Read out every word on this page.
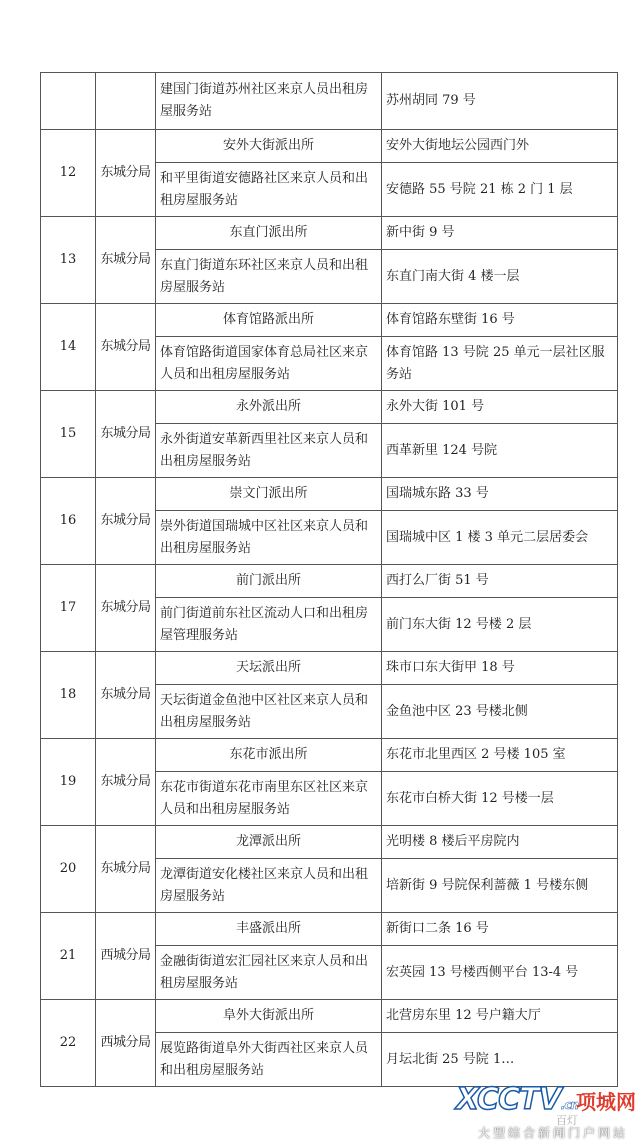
		建国门街道苏州社区来京人员出租房屋服务站	苏州胡同 79 号
12	东城分局	安外大街派出所	安外大街地坛公园西门外
		和平里街道安德路社区来京人员和出租房屋服务站	安德路 55 号院 21 栋 2 门 1 层
13	东城分局	东直门派出所	新中街 9 号
		东直门街道东环社区来京人员和出租房屋服务站	东直门南大街 4 楼一层
14	东城分局	体育馆路派出所	体育馆路东壁街 16 号
		体育馆路街道国家体育总局社区来京人员和出租房屋服务站	体育馆路 13 号院 25 单元一层社区服务站
15	东城分局	永外派出所	永外大街 101 号
		永外街道安革新西里社区来京人员和出租房屋服务站	西革新里 124 号院
16	东城分局	崇文门派出所	国瑞城东路 33 号
		崇外街道国瑞城中区社区来京人员和出租房屋服务站	国瑞城中区 1 楼 3 单元二层居委会
17	东城分局	前门派出所	西打么厂街 51 号
		前门街道前东社区流动人口和出租房屋管理服务站	前门东大街 12 号楼 2 层
18	东城分局	天坛派出所	珠市口东大街甲 18 号
		天坛街道金鱼池中区社区来京人员和出租房屋服务站	金鱼池中区 23 号楼北侧
19	东城分局	东花市派出所	东花市北里西区 2 号楼 105 室
		东花市街道东花市南里东区社区来京人员和出租房屋服务站	东花市白桥大街 12 号楼一层
20	东城分局	龙潭派出所	光明楼 8 楼后平房院内
		龙潭街道安化楼社区来京人员和出租房屋服务站	培新街 9 号院保利蔷薇 1 号楼东侧
21	西城分局	丰盛派出所	新街口二条 16 号
		金融街街道宏汇园社区来京人员和出租房屋服务站	宏英园 13 号楼西侧平台 13-4 号
22	西城分局	阜外大街派出所	北营房东里 12 号户籍大厅
		展览路街道阜外大街西社区来京人员和出租房屋服务站	月坛北街 25 号院 1…
XCCTV.cn
项城网
百灯
大型综合新闻门户网站
